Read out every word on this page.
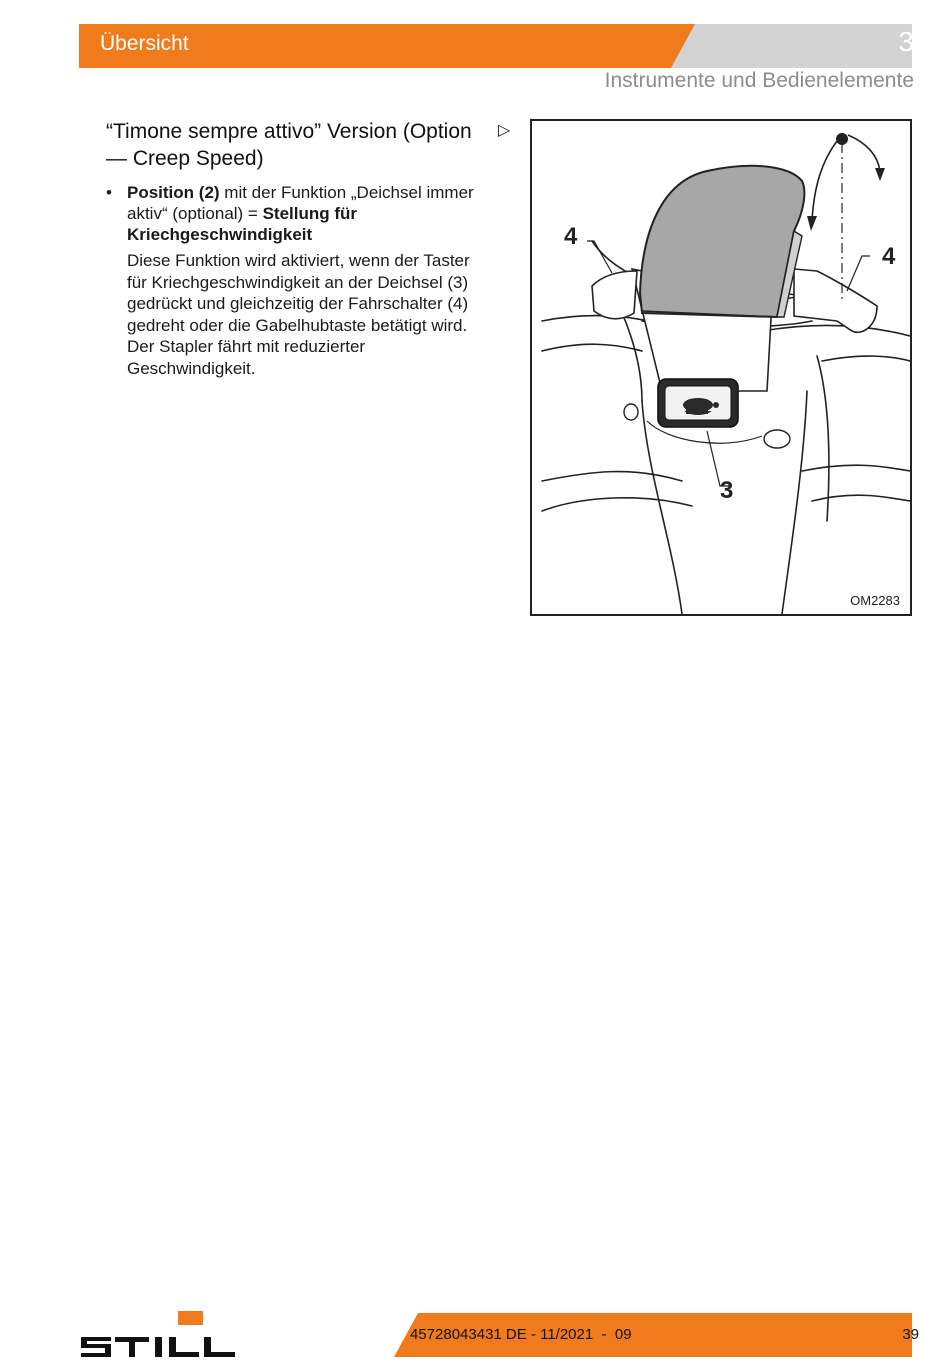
Übersicht	3
Instrumente und Bedienelemente
“Timone sempre attivo” Version (Option — Creep Speed)
▷
• Position (2) mit der Funktion „Deichsel immer aktiv“ (optional) = Stellung für Kriechgeschwindigkeit
Diese Funktion wird aktiviert, wenn der Taster für Kriechgeschwindigkeit an der Deichsel (3) gedrückt und gleichzeitig der Fahrschalter (4) gedreht oder die Gabelhubtaste betätigt wird. Der Stapler fährt mit reduzierter Geschwindigkeit.
4
4
3
OM2283
45728043431 DE - 11/2021  -  09	39
